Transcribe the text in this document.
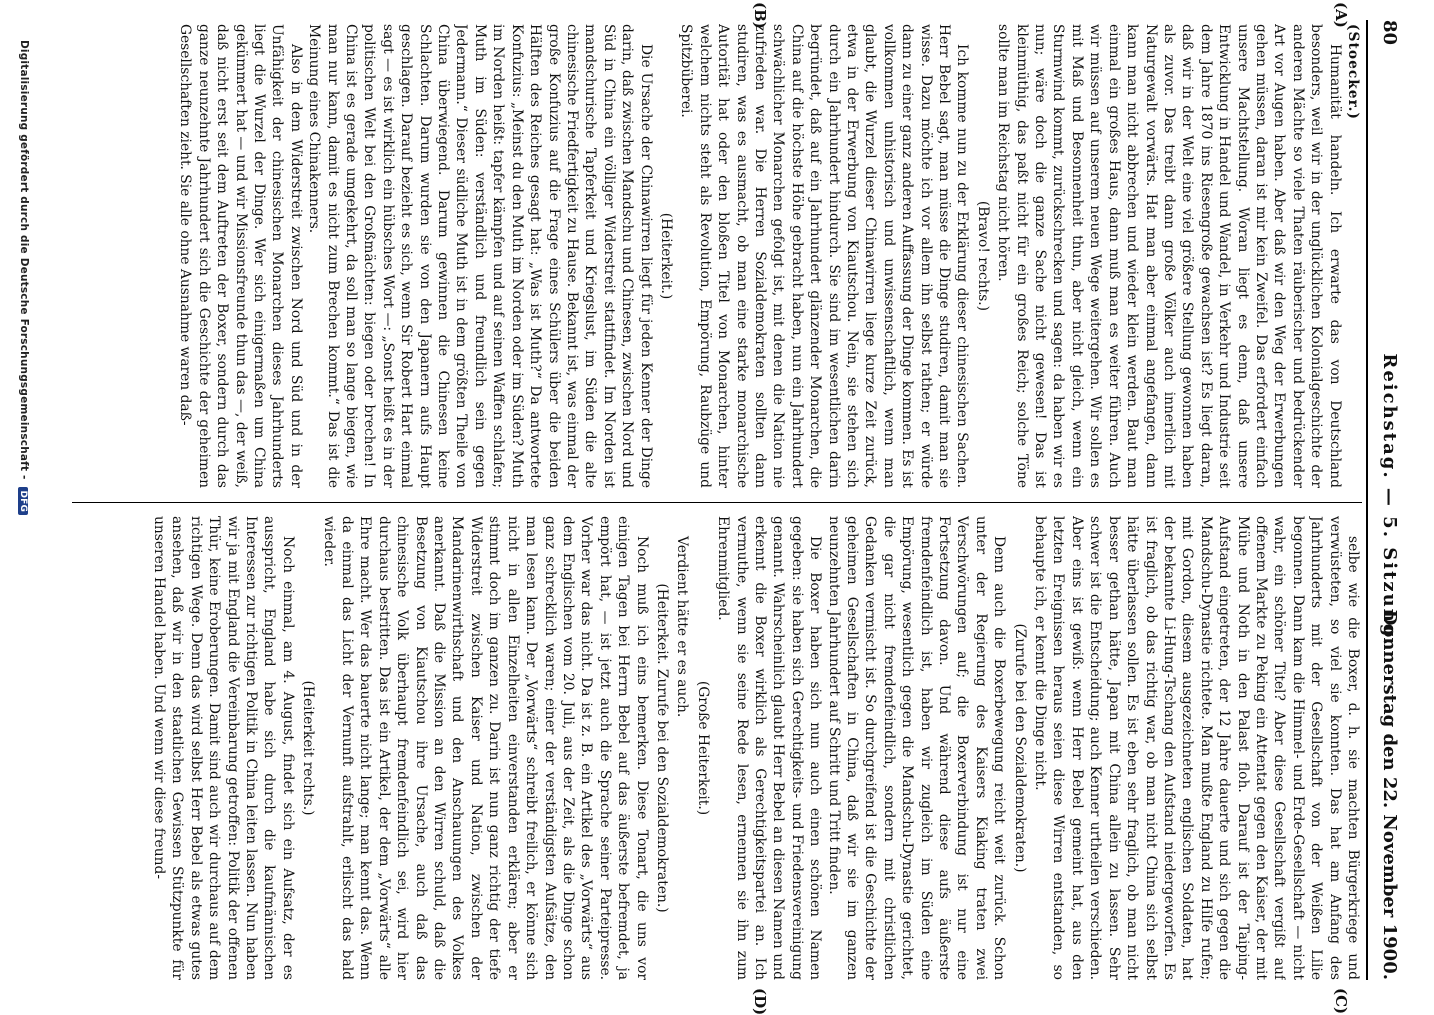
80
Reichstag. — 5. Sitzung.
Donnerstag den 22. November 1900.
(A)
(B)
(C)
(D)

(Stoecker.)

Humanität handeln. Ich erwarte das von Deutschland besonders, weil wir in der unglücklichen Kolonialgeschichte der anderen Mächte so viele Thaten räuberischer und bedrückender Art vor Augen haben. Aber daß wir den Weg der Erwerbungen gehen müssen, daran ist mir kein Zweifel. Das erfordert einfach unsere Machtstellung. Woran liegt es denn, daß unsere Entwicklung in Handel und Wandel, in Verkehr und Industrie seit dem Jahre 1870 ins Riesengroße gewachsen ist? Es liegt daran, daß wir in der Welt eine viel größere Stellung gewonnen haben als zuvor. Das treibt dann große Völker auch innerlich mit Naturgewalt vorwärts. Hat man aber einmal angefangen, dann kann man nicht abbrechen und wieder klein werden. Baut man einmal ein großes Haus, dann muß man es weiter führen. Auch wir müssen auf unserem neuen Wege weitergehen. Wir sollen es mit Maß und Besonnenheit thun, aber nicht gleich, wenn ein Sturmwind kommt, zurückschrecken und sagen: da haben wir es nun; wäre doch die ganze Sache nicht gewesen! Das ist kleinmüthig, das paßt nicht für ein großes Reich; solche Töne sollte man im Reichstag nicht hören.

(Bravo! rechts.)

Ich komme nun zu der Erklärung dieser chinesischen Sachen. Herr Bebel sagt, man müsse die Dinge studiren, damit man sie wisse. Dazu möchte ich vor allem ihn selbst rathen; er würde dann zu einer ganz anderen Auffassung der Dinge kommen. Es ist vollkommen unhistorisch und unwissenschaftlich, wenn man glaubt, die Wurzel dieser Chinawirren liege kurze Zeit zurück, etwa in der Erwerbung von Kiautschou. Nein, sie stehen sich durch ein Jahrhundert hindurch. Sie sind im wesentlichen darin begründet, daß auf ein Jahrhundert glänzender Monarchen, die China auf die höchste Höhe gebracht haben, nun ein Jahrhundert schwächlicher Monarchen gefolgt ist, mit denen die Nation nie zufrieden war. Die Herren Sozialdemokraten sollten dann studiren, was es ausmacht, ob man eine starke monarchische Autorität hat oder den bloßen Titel von Monarchen, hinter welchem nichts steht als Revolution, Empörung, Raubzüge und Spitzbüberei.

(Heiterkeit.)

Die Ursache der Chinawirren liegt für jeden Kenner der Dinge darin, daß zwischen Mandschu und Chinesen, zwischen Nord und Süd in China ein völliger Widerstreit stattfindet. Im Norden ist mandschurische Tapferkeit und Kriegslust, im Süden die alte chinesische Friedfertigkeit zu Hause. Bekannt ist, was einmal der große Konfuzius auf die Frage eines Schülers über die beiden Hälften des Reiches gesagt hat: „Was ist Muth?“ Da antwortete Konfuzius: „Meinst du den Muth im Norden oder im Süden? Muth im Norden heißt: tapfer kämpfen und auf seinen Waffen schlafen; Muth im Süden: verständlich und freundlich sein gegen Jedermann.“ Dieser südliche Muth ist in dem größten Theile von China überwiegend. Darum gewinnen die Chinesen keine Schlachten. Darum wurden sie von den Japanern aufs Haupt geschlagen. Darauf bezieht es sich, wenn Sir Robert Hart einmal sagt — es ist wirklich ein hübsches Wort —: „Sonst heißt es in der politischen Welt bei den Großmächten: biegen oder brechen! In China ist es gerade umgekehrt, da soll man so lange biegen, wie man nur kann, damit es nicht zum Brechen kommt.“ Das ist die Meinung eines Chinakenners.

Also in dem Widerstreit zwischen Nord und Süd und in der Unfähigkeit der chinesischen Monarchen dieses Jahrhunderts liegt die Wurzel der Dinge. Wer sich einigermaßen um China gekümmert hat — und wir Missionsfreunde thun das —, der weiß, daß nicht erst seit dem Auftreten der Boxer, sondern durch das ganze neunzehnte Jahrhundert sich die Geschichte der geheimen Gesellschaften zieht. Sie alle ohne Ausnahme waren daß-

selbe wie die Boxer, d. h. sie machten Bürgerkriege und verwüsteten, so viel sie konnten. Das hat am Anfang des Jahrhunderts mit der Gesellschaft von der Weißen Lilie begonnen. Dann kam die Himmel- und Erde-Gesellschaft — nicht wahr, ein schöner Titel? Aber diese Gesellschaft vergißt auf offenem Markte zu Peking ein Attentat gegen den Kaiser, der mit Mühe und Noth in den Palast floh. Darauf ist der Taiping-Aufstand eingetreten, der 12 Jahre dauerte und sich gegen die Mandschu-Dynastie richtete. Man mußte England zu Hilfe rufen; mit Gordon, diesem ausgezeichneten englischen Soldaten, hat der bekannte Li-Hung-Tschang den Aufstand niedergeworfen. Es ist fraglich, ob das richtig war, ob man nicht China sich selbst hätte überlassen sollen. Es ist eben sehr fraglich, ob man nicht besser gethan hätte, Japan mit China allein zu lassen. Sehr schwer ist die Entscheidung; auch Kenner urtheilen verschieden. Aber eins ist gewiß: wenn Herr Bebel gemeint hat, aus den letzten Ereignissen heraus seien diese Wirren entstanden, so behaupte ich, er kennt die Dinge nicht.

(Zurufe bei den Sozialdemokraten.)

Denn auch die Boxerbewegung reicht weit zurück. Schon unter der Regierung des Kaisers Kiaking traten zwei Verschwörungen auf; die Boxerverbindung ist nur eine Fortsetzung davon. Und während diese aufs äußerste fremdenfeindlich ist, haben wir zugleich im Süden eine Empörung, wesentlich gegen die Mandschu-Dynastie gerichtet, die gar nicht fremdenfeindlich, sondern mit christlichen Gedanken vermischt ist. So durchgreifend ist die Geschichte der geheimen Gesellschaften in China, daß wir sie im ganzen neunzehnten Jahrhundert auf Schritt und Tritt finden.

Die Boxer haben sich nun auch einen schönen Namen gegeben: sie haben sich Gerechtigkeits- und Friedensvereinigung genannt. Wahrscheinlich glaubt Herr Bebel an diesen Namen und erkennt die Boxer wirklich als Gerechtigkeitspartei an. Ich vermuthe, wenn sie seine Rede lesen, ernennen sie ihn zum Ehrenmitglied.

(Große Heiterkeit.)

Verdient hätte er es auch.

(Heiterkeit. Zurufe bei den Sozialdemokraten.)

Noch muß ich eins bemerken. Diese Tonart, die uns vor einigen Tagen bei Herrn Bebel auf das äußerste befremdet, ja empört hat, — ist jetzt auch die Sprache seiner Parteipresse. Vorher war das nicht. Da ist z. B. ein Artikel des „Vorwärts“ aus dem Englischen vom 20. Juli, aus der Zeit, als die Dinge schon ganz schrecklich waren; einer der verständigsten Aufsätze, den man lesen kann. Der „Vorwärts“ schreibt freilich, er könne sich nicht in allen Einzelheiten einverstanden erklären; aber er stimmt doch im ganzen zu. Darin ist nun ganz richtig der tiefe Widerstreit zwischen Kaiser und Nation, zwischen der Mandarinenwirthschaft und den Anschauungen des Volkes anerkannt. Daß die Mission an den Wirren schuld, daß die Besetzung von Kiautschou ihre Ursache, auch daß das chinesische Volk überhaupt fremdenfeindlich sei, wird hier durchaus bestritten. Das ist ein Artikel, der dem „Vorwärts“ alle Ehre macht. Wer das bauerte nicht lange; man kennt das. Wenn da einmal das Licht der Vernunft aufstrahlt, erlischt das bald wieder.

(Heiterkeit rechts.)

Noch einmal, am 4. August, findet sich ein Aufsatz, der es ausspricht, England habe sich durch die kaufmännischen Interessen zur richtigen Politik in China leiten lassen. Nun haben wir ja mit England die Vereinbarung getroffen: Politik der offenen Thür, keine Eroberungen. Damit sind auch wir durchaus auf dem richtigen Wege. Denn das wird selbst Herr Bebel als etwas gutes ansehen, daß wir in den staatlichen Gewissen Stützpunkte für unseren Handel haben. Und wenn wir diese freund-

Digitalisierung gefördert durch die Deutsche Forschungsgemeinschaft - DFG
